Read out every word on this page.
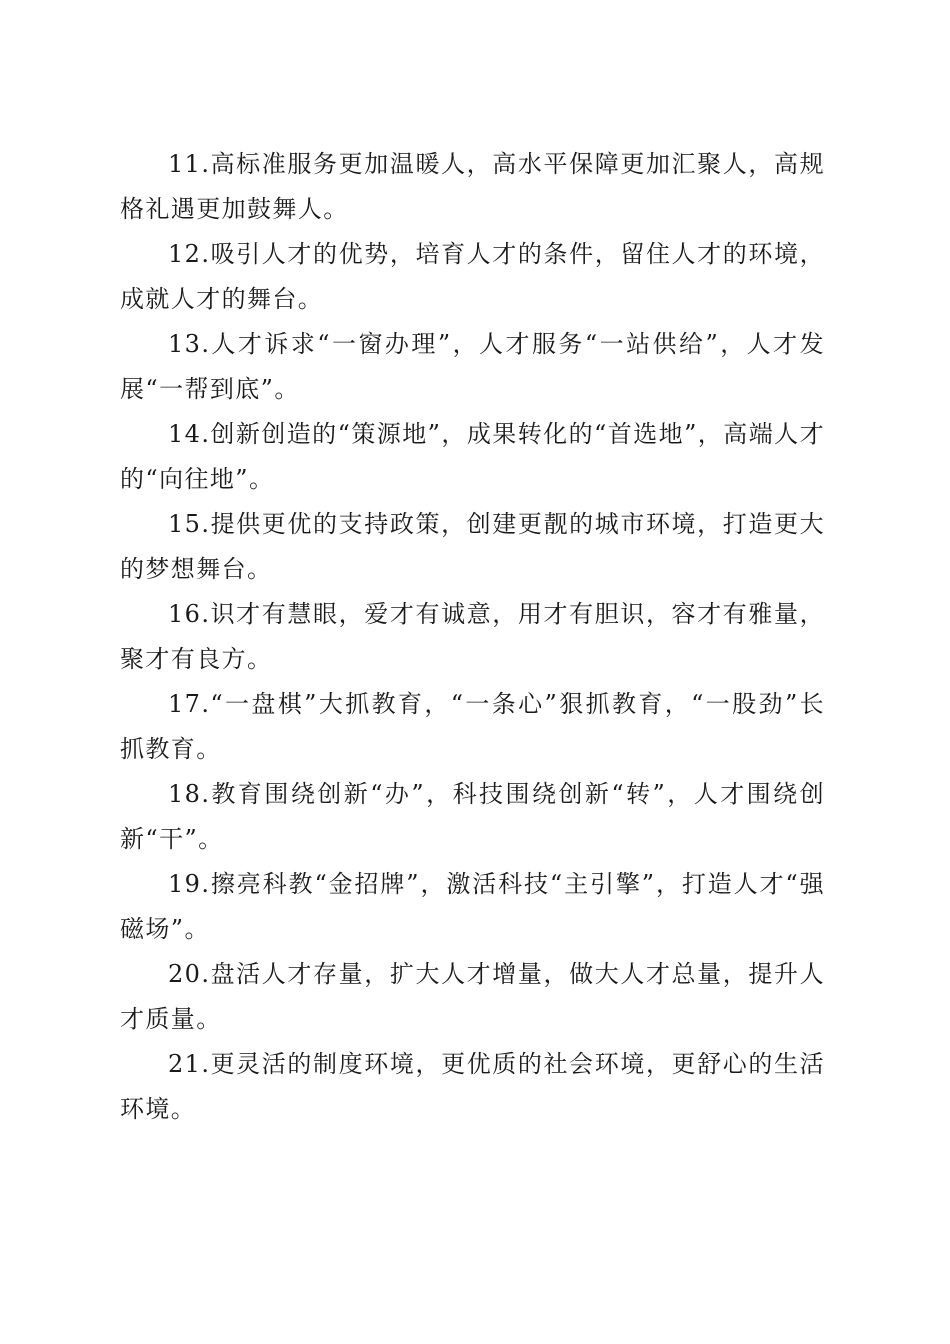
11.高标准服务更加温暖人，高水平保障更加汇聚人，高规格礼遇更加鼓舞人。

12.吸引人才的优势，培育人才的条件，留住人才的环境，成就人才的舞台。

13.人才诉求“一窗办理”，人才服务“一站供给”，人才发展“一帮到底”。

14.创新创造的“策源地”，成果转化的“首选地”，高端人才的“向往地”。

15.提供更优的支持政策，创建更靓的城市环境，打造更大的梦想舞台。

16.识才有慧眼，爱才有诚意，用才有胆识，容才有雅量，聚才有良方。

17.“一盘棋”大抓教育，“一条心”狠抓教育，“一股劲”长抓教育。

18.教育围绕创新“办”，科技围绕创新“转”，人才围绕创新“干”。

19.擦亮科教“金招牌”，激活科技“主引擎”，打造人才“强磁场”。

20.盘活人才存量，扩大人才增量，做大人才总量，提升人才质量。

21.更灵活的制度环境，更优质的社会环境，更舒心的生活环境。
